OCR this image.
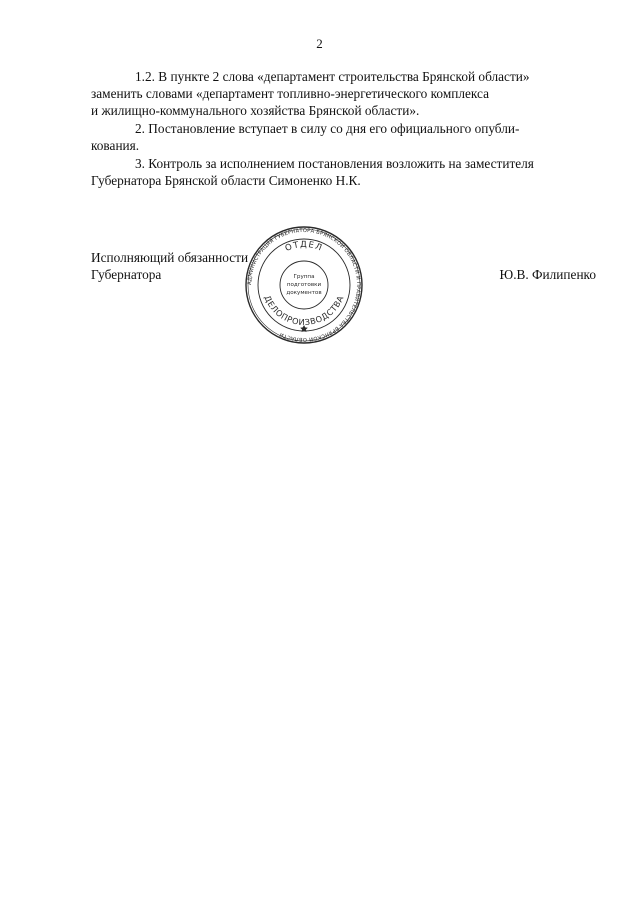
2
1.2. В пункте 2 слова «департамент строительства Брянской области»
заменить словами «департамент топливно-энергетического комплекса
и жилищно-коммунального хозяйства Брянской области».
2. Постановление вступает в силу со дня его официального опубли-
кования.
3. Контроль за исполнением постановления возложить на заместителя
Губернатора Брянской области Симоненко Н.К.
Исполняющий обязанности
Губернатора	Ю.В. Филипенко
АДМИНИСТРАЦИЯ ГУБЕРНАТОРА БРЯНСКОЙ ОБЛАСТИ И ПРАВИТЕЛЬСТВА БРЯНСКОЙ ОБЛАСТИ
ОТДЕЛ
ДЕЛОПРОИЗВОДСТВА
Группа
подготовки
документов
